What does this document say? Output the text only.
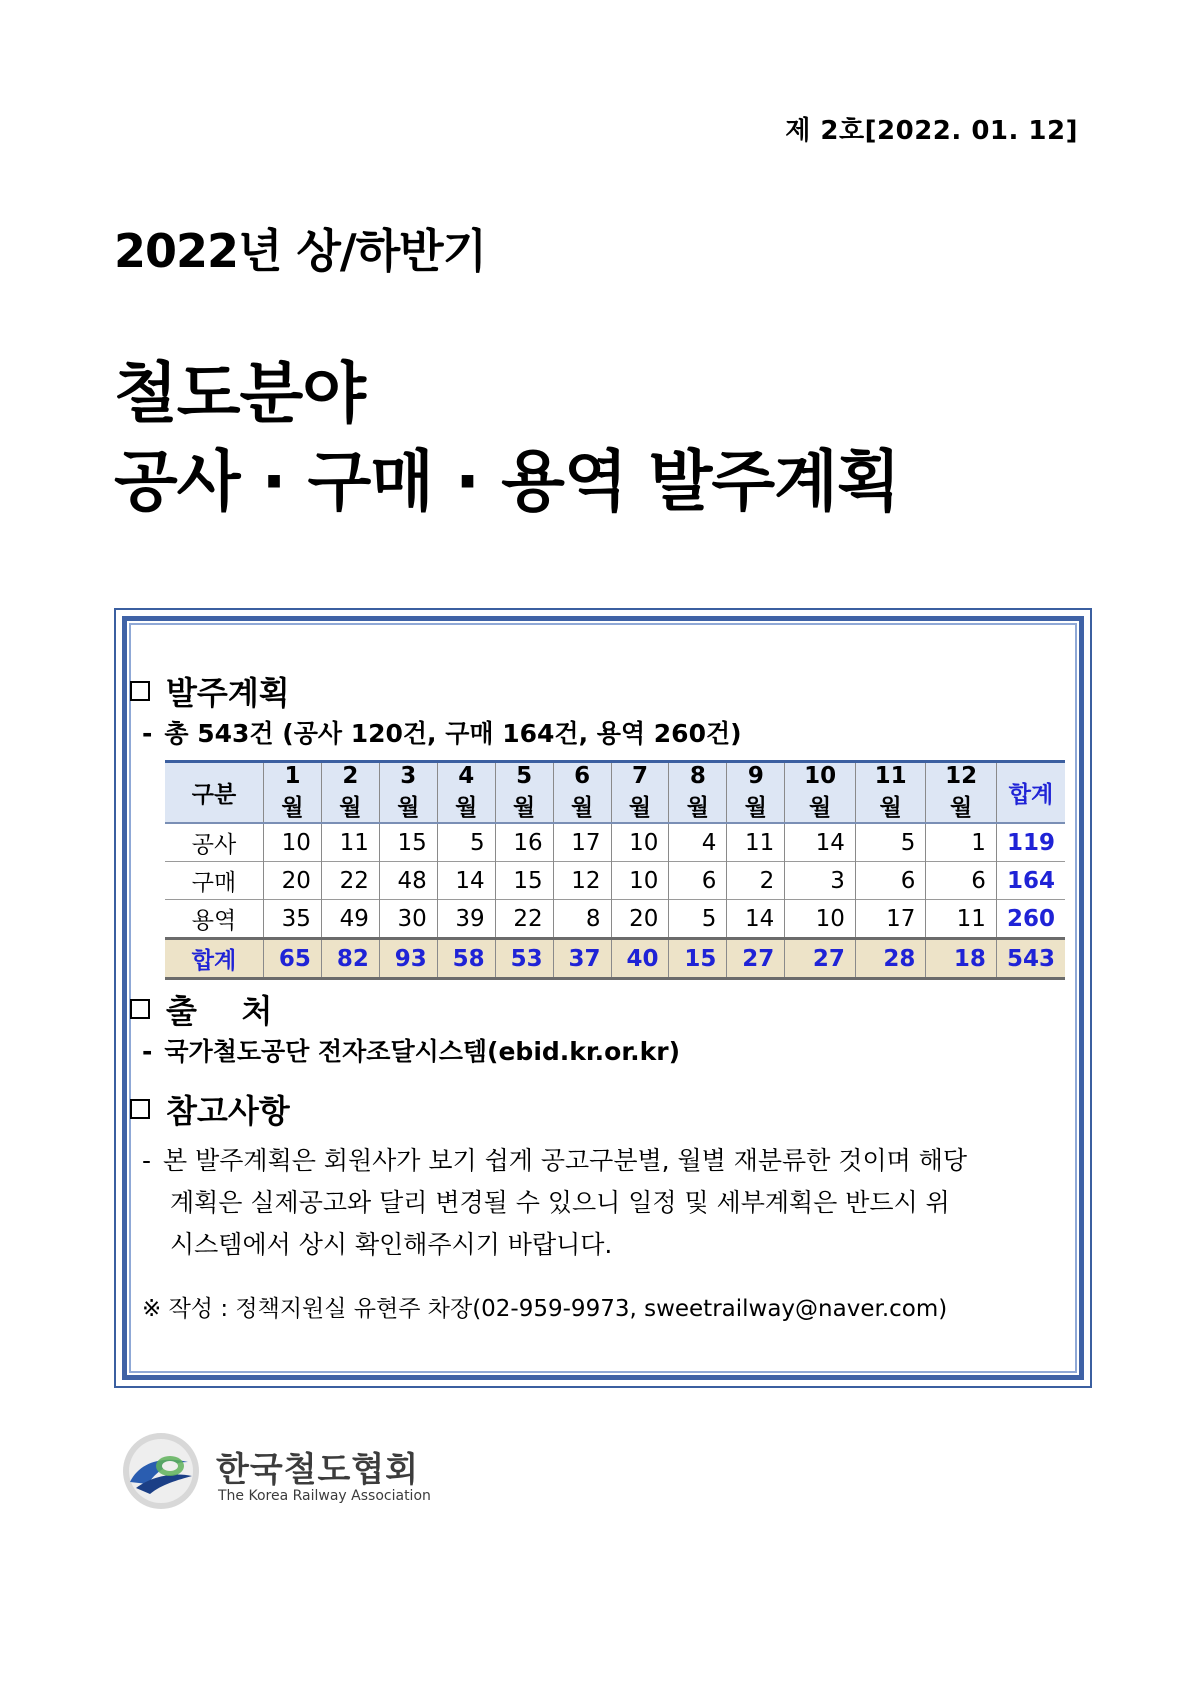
제 2호[2022. 01. 12]
2022년 상/하반기
철도분야
공사 · 구매 · 용역 발주계획
발주계획
- 총 543건 (공사 120건, 구매 164건, 용역 260건)
구분	1월	2월	3월	4월	5월	6월	7월	8월	9월	10월	11월	12월	합계
공사	10	11	15	5	16	17	10	4	11	14	5	1	119
구매	20	22	48	14	15	12	10	6	2	3	6	6	164
용역	35	49	30	39	22	8	20	5	14	10	17	11	260
합계	65	82	93	58	53	37	40	15	27	27	28	18	543
출    처
- 국가철도공단 전자조달시스템(ebid.kr.or.kr)
참고사항
- 본 발주계획은 회원사가 보기 쉽게 공고구분별, 월별 재분류한 것이며 해당
계획은 실제공고와 달리 변경될 수 있으니 일정 및 세부계획은 반드시 위
시스템에서 상시 확인해주시기 바랍니다.
※ 작성 : 정책지원실 유현주 차장(02-959-9973, sweetrailway@naver.com)
한국철도협회
The Korea Railway Association
